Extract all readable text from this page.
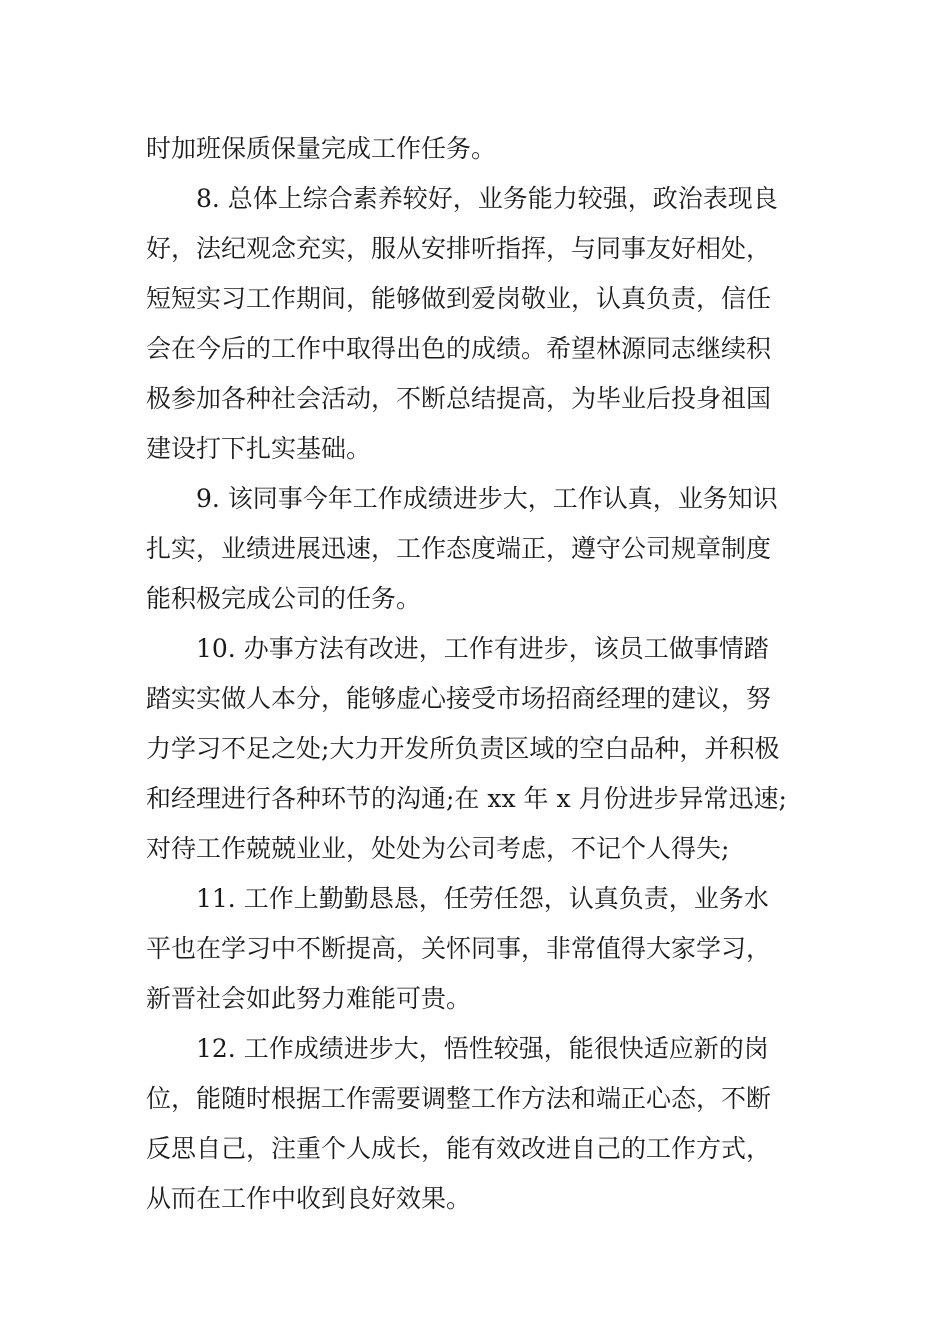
时加班保质保量完成工作任务。
8. 总体上综合素养较好，业务能力较强，政治表现良
好，法纪观念充实，服从安排听指挥，与同事友好相处，
短短实习工作期间，能够做到爱岗敬业，认真负责，信任
会在今后的工作中取得出色的成绩。希望林源同志继续积
极参加各种社会活动，不断总结提高，为毕业后投身祖国
建设打下扎实基础。
9. 该同事今年工作成绩进步大，工作认真，业务知识
扎实，业绩进展迅速，工作态度端正，遵守公司规章制度
能积极完成公司的任务。
10. 办事方法有改进，工作有进步，该员工做事情踏
踏实实做人本分，能够虚心接受市场招商经理的建议，努
力学习不足之处;大力开发所负责区域的空白品种，并积极
和经理进行各种环节的沟通;在 xx 年 x 月份进步异常迅速;
对待工作兢兢业业，处处为公司考虑，不记个人得失;
11. 工作上勤勤恳恳，任劳任怨，认真负责，业务水
平也在学习中不断提高，关怀同事，非常值得大家学习，
新晋社会如此努力难能可贵。
12. 工作成绩进步大，悟性较强，能很快适应新的岗
位，能随时根据工作需要调整工作方法和端正心态，不断
反思自己，注重个人成长，能有效改进自己的工作方式，
从而在工作中收到良好效果。
